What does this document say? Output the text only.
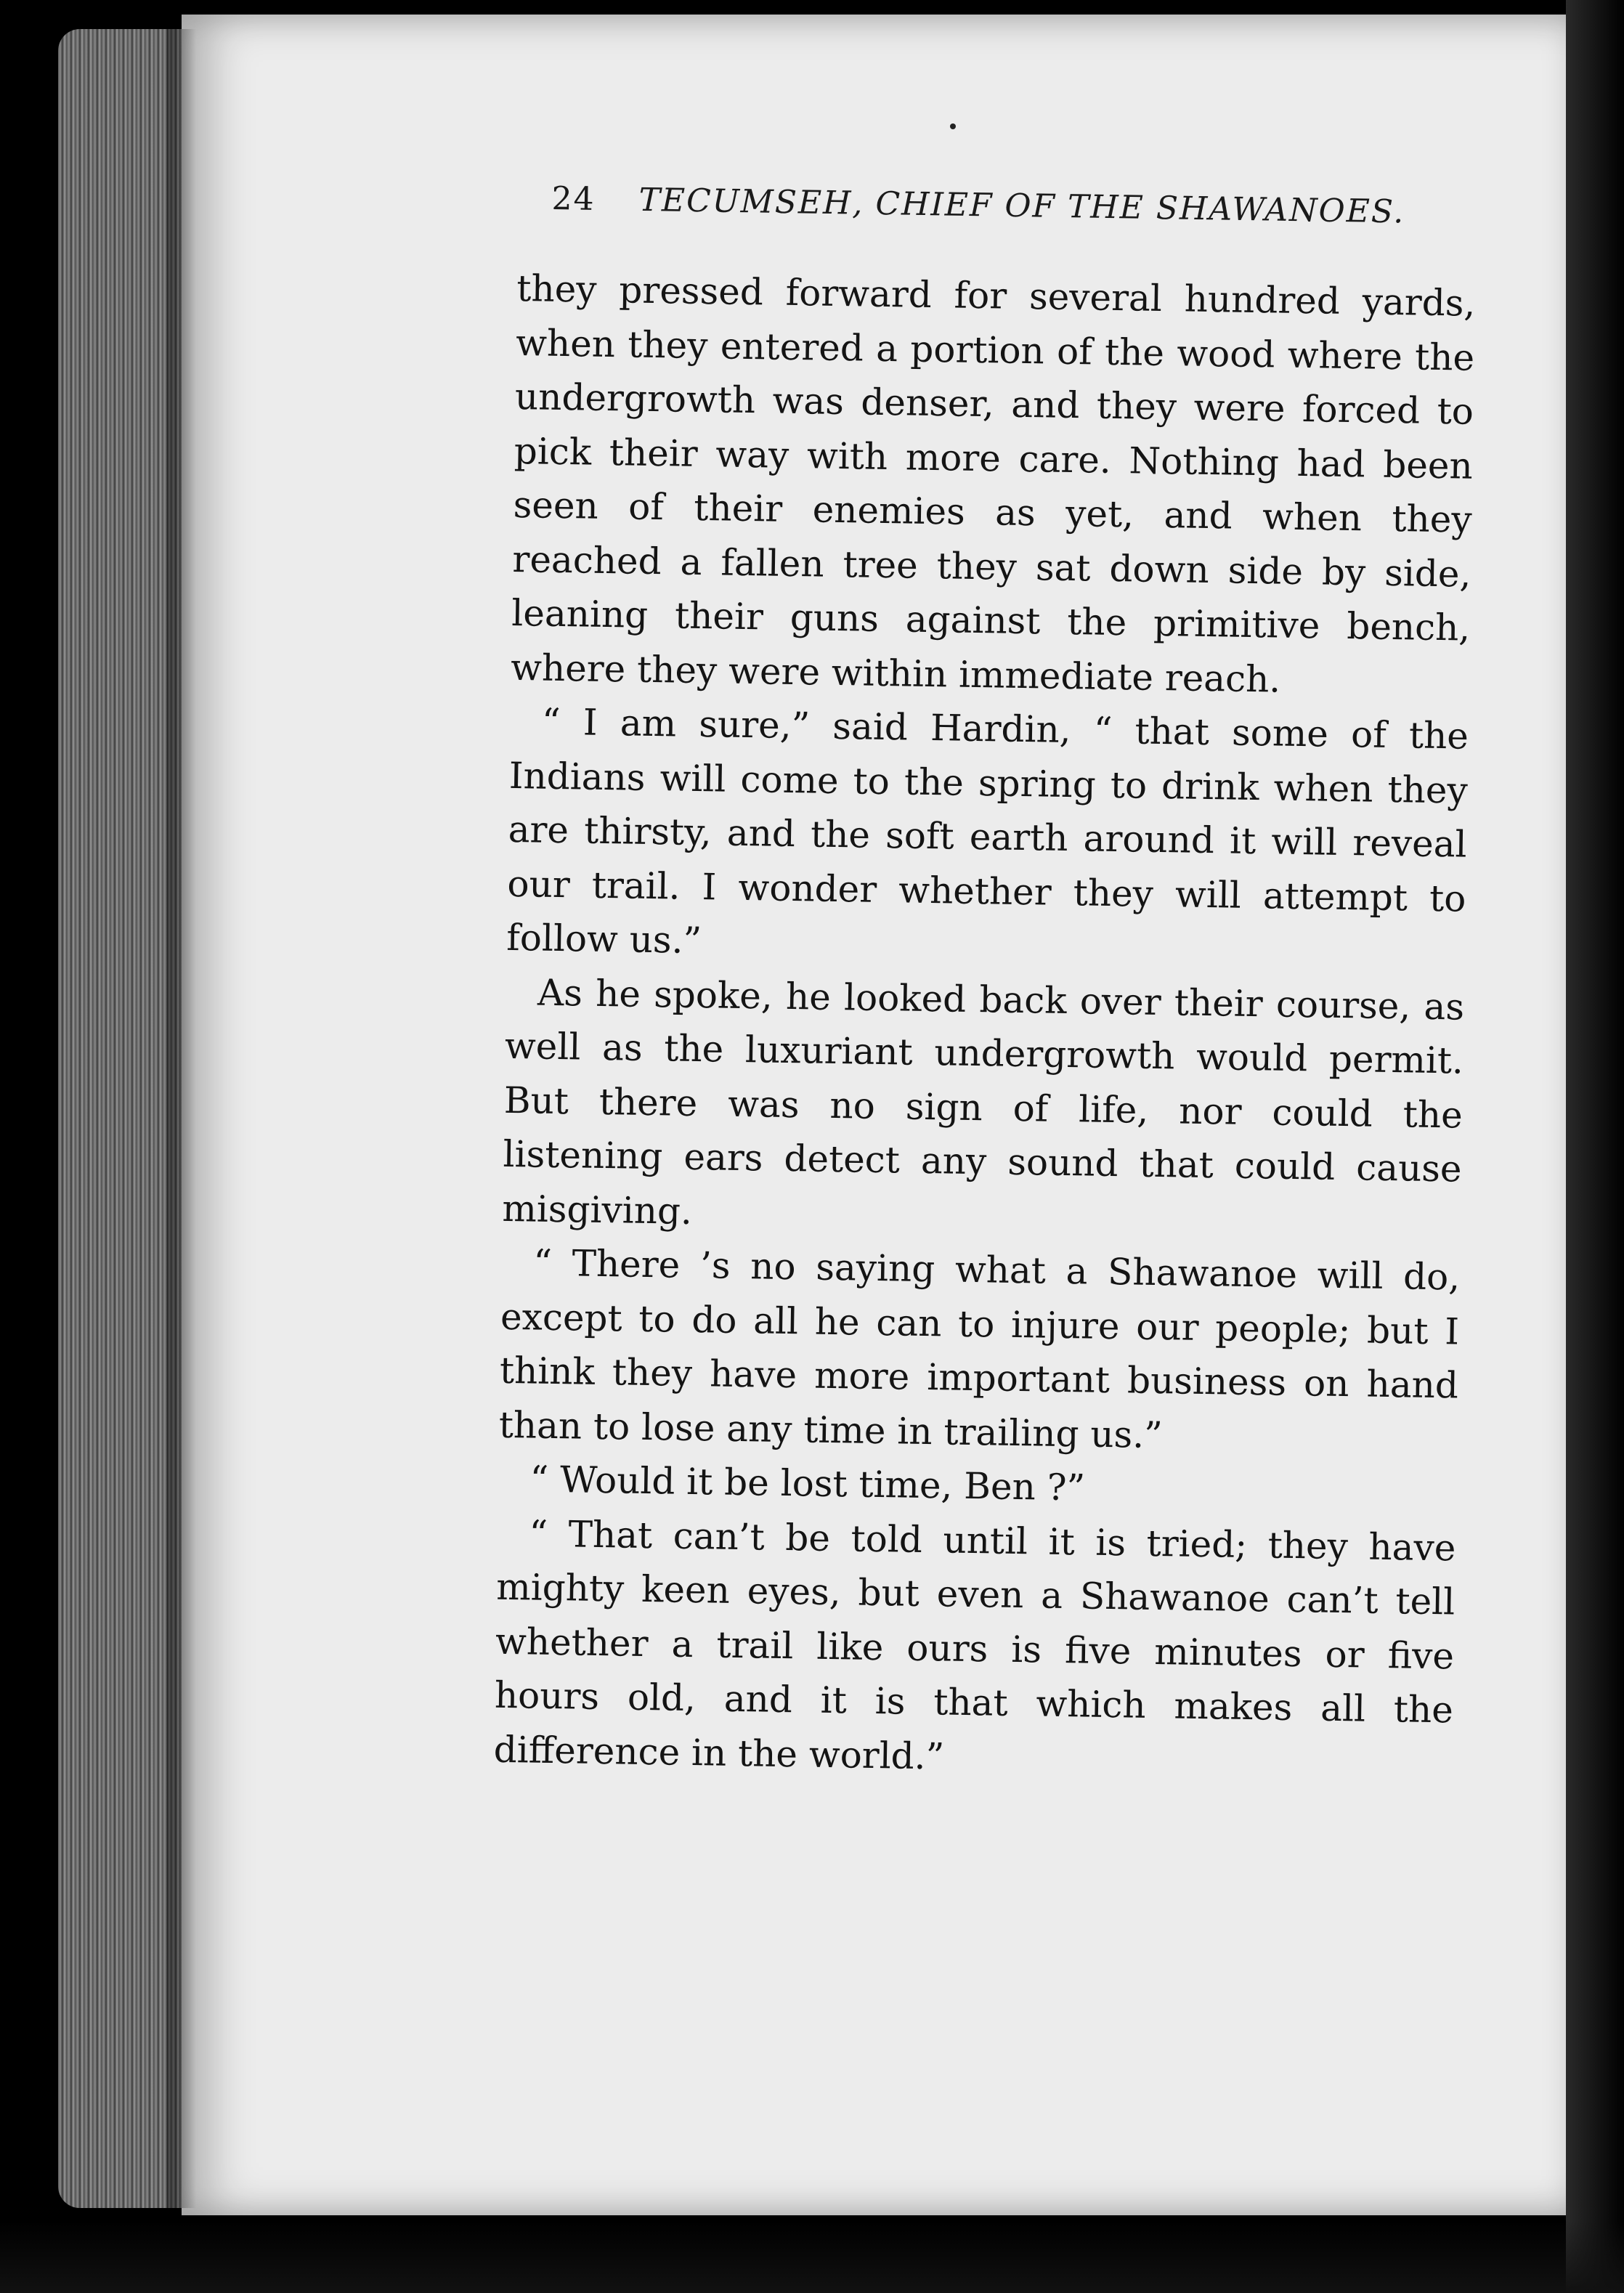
24 TECUMSEH, CHIEF OF THE SHAWANOES.

they pressed forward for several hundred yards, when they entered a portion of the wood where the undergrowth was denser, and they were forced to pick their way with more care. Nothing had been seen of their enemies as yet, and when they reached a fallen tree they sat down side by side, leaning their guns against the primitive bench, where they were within immediate reach.

“ I am sure,” said Hardin, “ that some of the Indians will come to the spring to drink when they are thirsty, and the soft earth around it will reveal our trail. I wonder whether they will attempt to follow us.”

As he spoke, he looked back over their course, as well as the luxuriant undergrowth would permit. But there was no sign of life, nor could the listening ears detect any sound that could cause misgiving.

“ There ’s no saying what a Shawanoe will do, except to do all he can to injure our people; but I think they have more important business on hand than to lose any time in trailing us.”

“ Would it be lost time, Ben ?”

“ That can’t be told until it is tried; they have mighty keen eyes, but even a Shawanoe can’t tell whether a trail like ours is five minutes or five hours old, and it is that which makes all the difference in the world.”
